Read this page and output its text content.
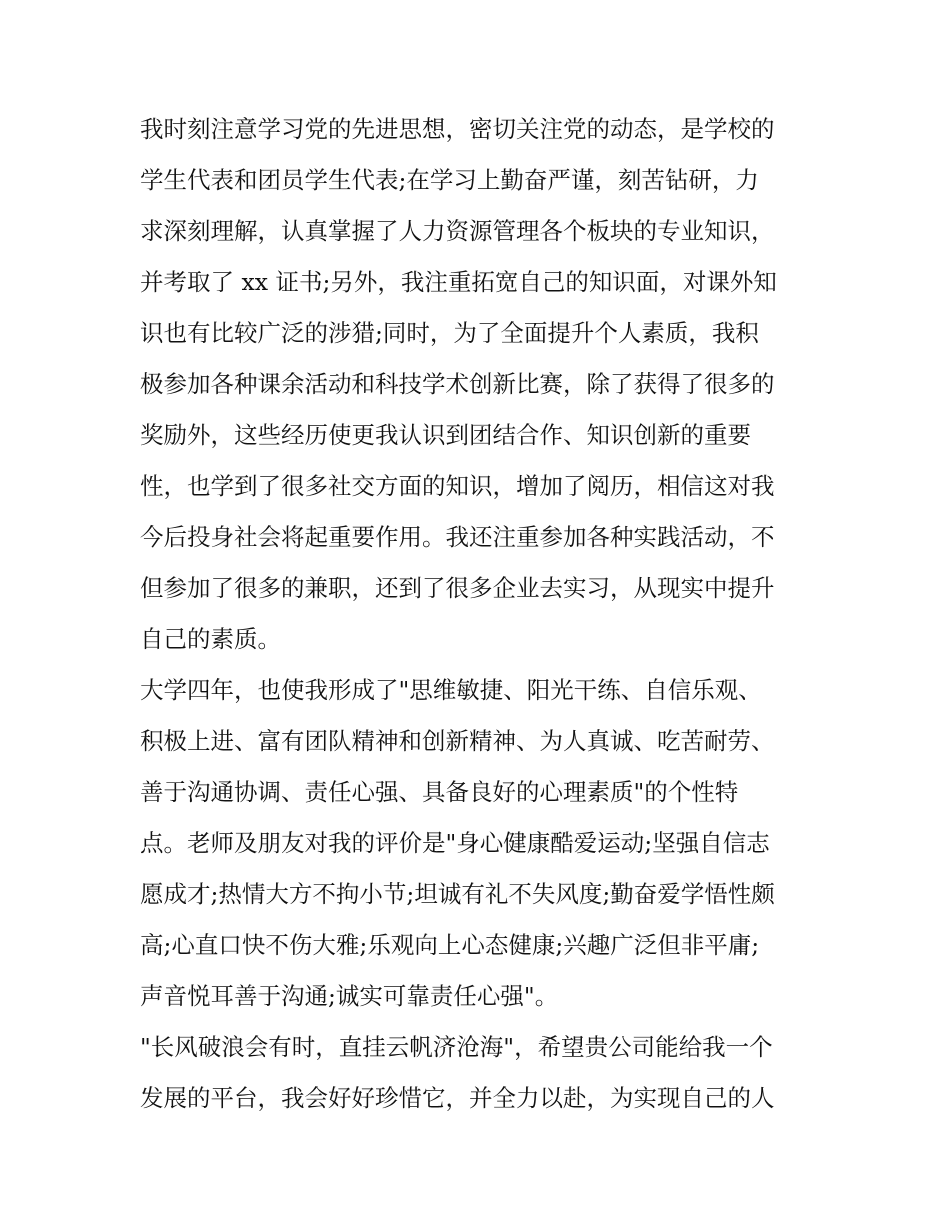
我时刻注意学习党的先进思想，密切关注党的动态，是学校的
学生代表和团员学生代表;在学习上勤奋严谨，刻苦钻研，力
求深刻理解，认真掌握了人力资源管理各个板块的专业知识，
并考取了 xx 证书;另外，我注重拓宽自己的知识面，对课外知
识也有比较广泛的涉猎;同时，为了全面提升个人素质，我积
极参加各种课余活动和科技学术创新比赛，除了获得了很多的
奖励外，这些经历使更我认识到团结合作、知识创新的重要
性，也学到了很多社交方面的知识，增加了阅历，相信这对我
今后投身社会将起重要作用。我还注重参加各种实践活动，不
但参加了很多的兼职，还到了很多企业去实习，从现实中提升
自己的素质。
大学四年，也使我形成了"思维敏捷、阳光干练、自信乐观、
积极上进、富有团队精神和创新精神、为人真诚、吃苦耐劳、
善于沟通协调、责任心强、具备良好的心理素质"的个性特
点。老师及朋友对我的评价是"身心健康酷爱运动;坚强自信志
愿成才;热情大方不拘小节;坦诚有礼不失风度;勤奋爱学悟性颇
高;心直口快不伤大雅;乐观向上心态健康;兴趣广泛但非平庸;
声音悦耳善于沟通;诚实可靠责任心强"。
"长风破浪会有时，直挂云帆济沧海"，希望贵公司能给我一个
发展的平台，我会好好珍惜它，并全力以赴，为实现自己的人
